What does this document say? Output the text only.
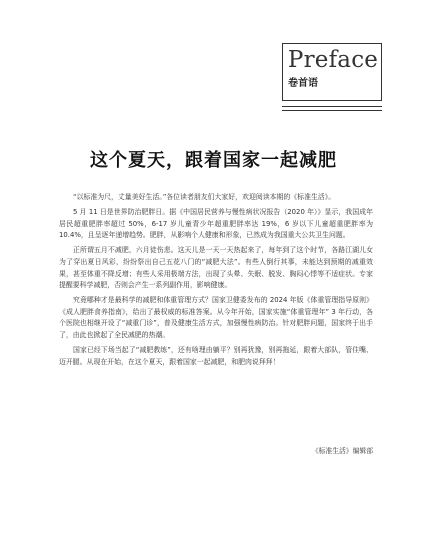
Preface
卷首语
这个夏天，跟着国家一起减肥

“以标准为尺，丈量美好生活。”各位读者朋友们大家好，欢迎阅读本期的《标准生活》。

5 月 11 日是世界防治肥胖日。据《中国居民营养与慢性病状况报告（2020 年）》显示，我国成年居民超重肥胖率超过 50%，6-17 岁儿童青少年超重肥胖率达 19%，6 岁以下儿童超重肥胖率为 10.4%，且呈逐年递增趋势。肥胖，从影响个人健康和形象，已然成为我国重大公共卫生问题。

正所谓五月不减肥，六月徒伤悲。这天儿是一天一天热起来了，每年到了这个时节，各路江湖儿女为了穿出夏日风彩，纷纷祭出自己五花八门的“减肥大法”。有些人倒行其事，未能达到预期的减重效果，甚至体重不降反增；有些人采用极端方法，出现了头晕、失眠、脱发、胸闷心悸等不适症状。专家提醒要科学减肥，否则会产生一系列副作用，影响健康。

究竟哪种才是最科学的减肥和体重管理方式？国家卫健委发布的 2024 年版《体重管理指导原则》《成人肥胖食养指南》，给出了最权威的标准答案。从今年开始，国家实施“体重管理年” 3 年行动，各个医院也相继开设了“减重门诊”，普及健康生活方式，加强慢性病防治。针对肥胖问题，国家终于出手了，由此也掀起了全民减肥的热潮。

国家已经下场当起了“减肥教练”，还有啥理由躺平？别再犹豫，别再拖延，跟着大部队，管住嘴、迈开腿。从现在开始，在这个夏天，跟着国家一起减肥，和肥肉说拜拜！

《标准生活》编辑部
